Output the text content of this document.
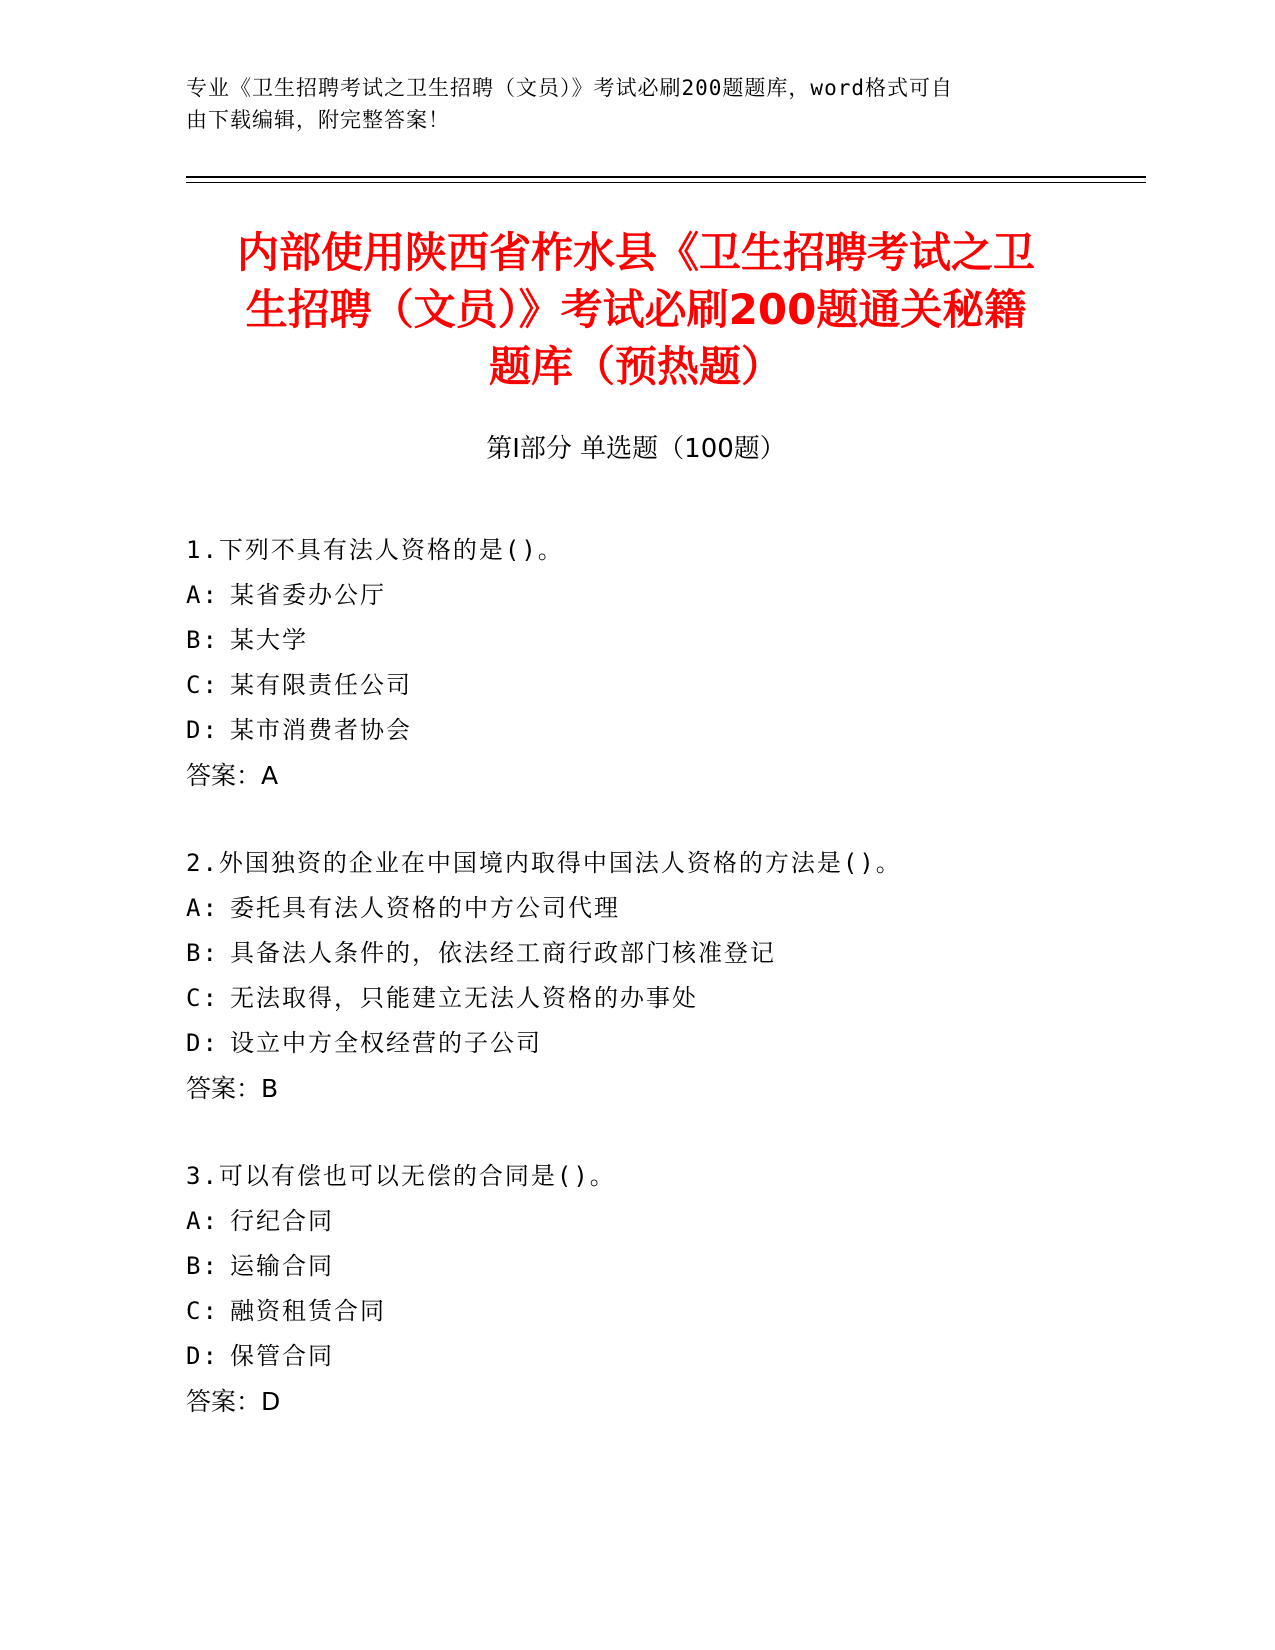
专业《卫生招聘考试之卫生招聘（文员）》考试必刷200题题库，word格式可自
由下载编辑，附完整答案！
内部使用陕西省柞水县《卫生招聘考试之卫
生招聘（文员）》考试必刷200题通关秘籍
题库（预热题）
第Ⅰ部分 单选题（100题）
1.下列不具有法人资格的是()。
A: 某省委办公厅
B: 某大学
C: 某有限责任公司
D: 某市消费者协会
答案：A
2.外国独资的企业在中国境内取得中国法人资格的方法是()。
A: 委托具有法人资格的中方公司代理
B: 具备法人条件的，依法经工商行政部门核准登记
C: 无法取得，只能建立无法人资格的办事处
D: 设立中方全权经营的子公司
答案：B
3.可以有偿也可以无偿的合同是()。
A: 行纪合同
B: 运输合同
C: 融资租赁合同
D: 保管合同
答案：D
